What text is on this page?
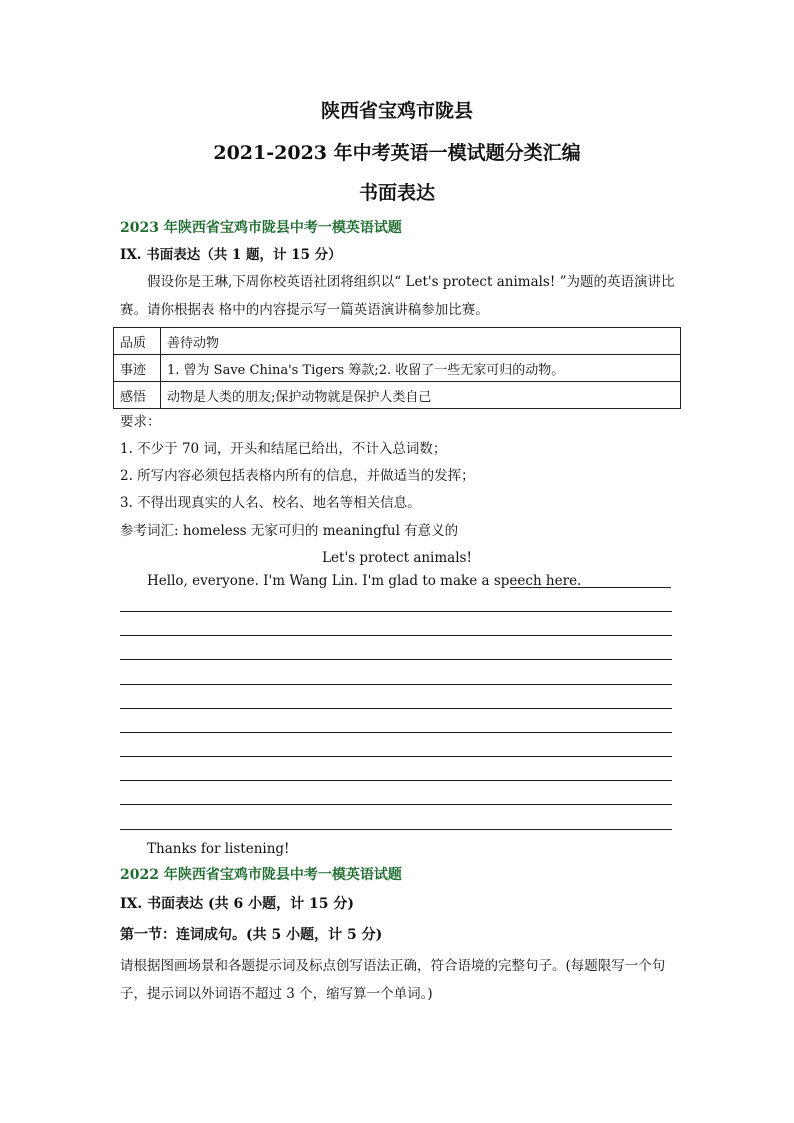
陕西省宝鸡市陇县
2021-2023 年中考英语一模试题分类汇编
书面表达
2023 年陕西省宝鸡市陇县中考一模英语试题
IX. 书面表达（共 1 题，计 15 分）
假设你是王琳,下周你校英语社团将组织以“ Let's protect animals! ”为题的英语演讲比赛。请你根据表 格中的内容提示写一篇英语演讲稿参加比赛。
品质	善待动物
事迹	1. 曾为 Save China's Tigers 筹款;2. 收留了一些无家可归的动物。
感悟	动物是人类的朋友;保护动物就是保护人类自己
要求：
1. 不少于 70 词，开头和结尾已给出，不计入总词数；
2. 所写内容必须包括表格内所有的信息，并做适当的发挥；
3. 不得出现真实的人名、校名、地名等相关信息。
参考词汇: homeless 无家可归的 meaningful 有意义的
Let's protect animals!
Hello, everyone. I'm Wang Lin. I'm glad to make a speech here.
Thanks for listening!
2022 年陕西省宝鸡市陇县中考一模英语试题
IX. 书面表达 (共 6 小题，计 15 分)
第一节：连词成句。(共 5 小题，计 5 分)
请根据图画场景和各题提示词及标点创写语法正确，符合语境的完整句子。(每题限写一个句子，提示词以外词语不超过 3 个，缩写算一个单词。)
